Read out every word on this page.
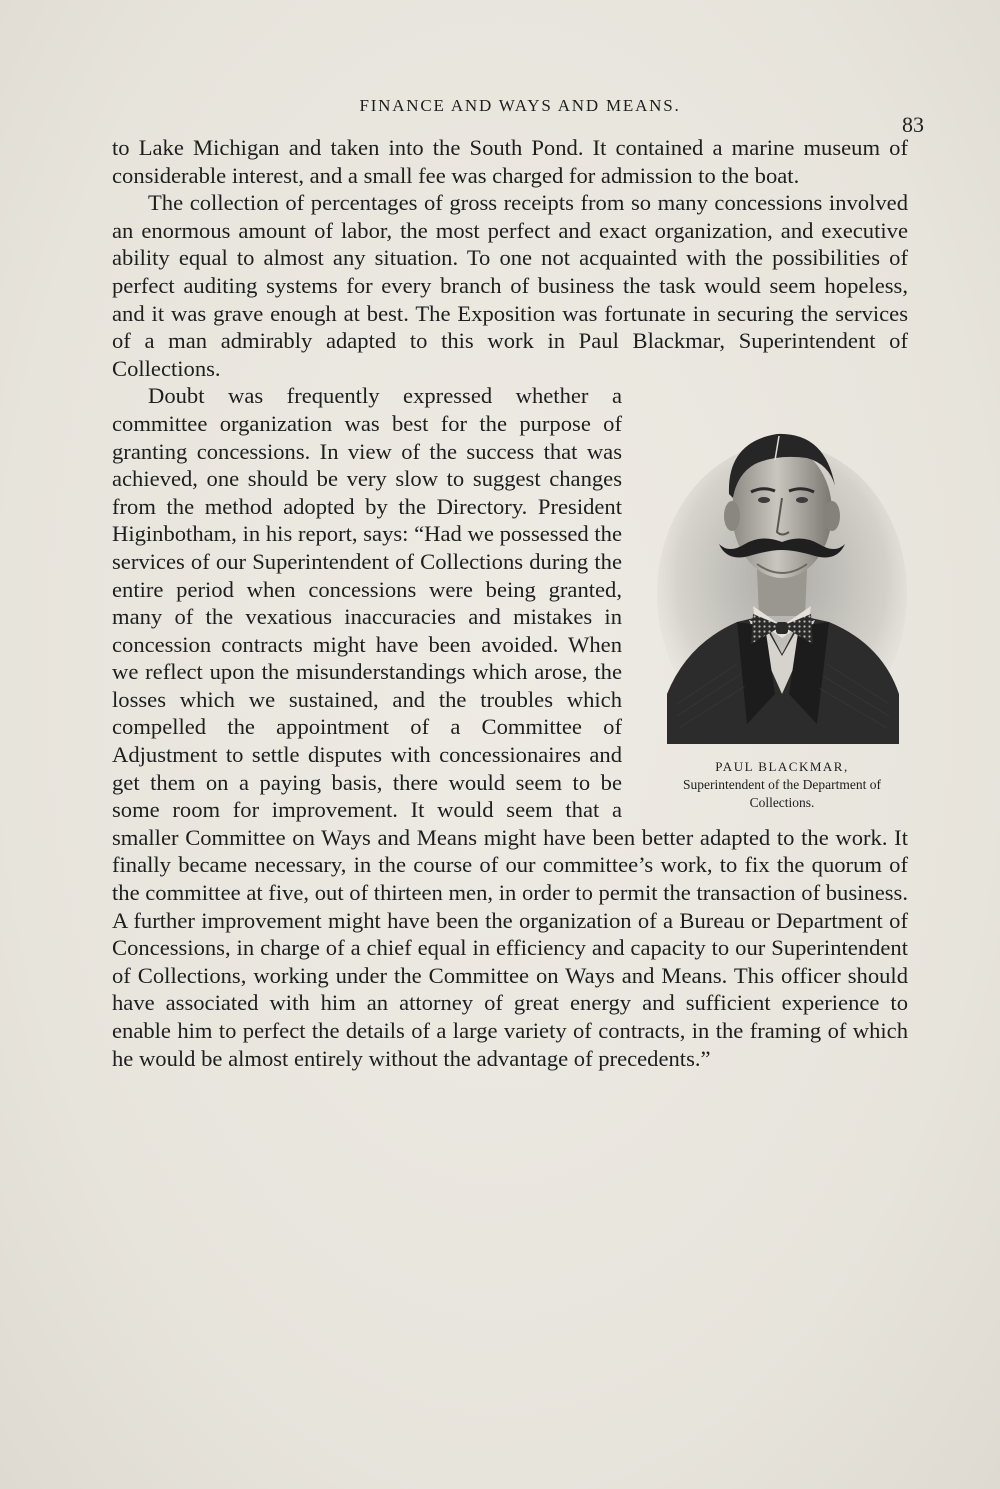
FINANCE AND WAYS AND MEANS.
83

to Lake Michigan and taken into the South Pond. It contained a marine museum of considerable interest, and a small fee was charged for admission to the boat.

The collection of percentages of gross receipts from so many concessions involved an enormous amount of labor, the most perfect and exact organization, and executive ability equal to almost any situation. To one not acquainted with the possibilities of perfect auditing systems for every branch of business the task would seem hopeless, and it was grave enough at best. The Exposition was fortunate in securing the services of a man admirably adapted to this work in Paul Blackmar, Superintendent of Collections.

PAUL BLACKMAR,
Superintendent of the Department of Collections.

Doubt was frequently expressed whether a committee organization was best for the purpose of granting concessions. In view of the success that was achieved, one should be very slow to suggest changes from the method adopted by the Directory. President Higinbotham, in his report, says: “Had we possessed the services of our Superintendent of Collections during the entire period when concessions were being granted, many of the vexatious inaccuracies and mistakes in concession contracts might have been avoided. When we reflect upon the misunderstandings which arose, the losses which we sustained, and the troubles which compelled the appointment of a Committee of Adjustment to settle disputes with concessionaires and get them on a paying basis, there would seem to be some room for improvement. It would seem that a smaller Committee on Ways and Means might have been better adapted to the work. It finally became necessary, in the course of our committee’s work, to fix the quorum of the committee at five, out of thirteen men, in order to permit the transaction of business. A further improvement might have been the organization of a Bureau or Department of Concessions, in charge of a chief equal in efficiency and capacity to our Superintendent of Collections, working under the Committee on Ways and Means. This officer should have associated with him an attorney of great energy and sufficient experience to enable him to perfect the details of a large variety of contracts, in the framing of which he would be almost entirely without the advantage of precedents.”
